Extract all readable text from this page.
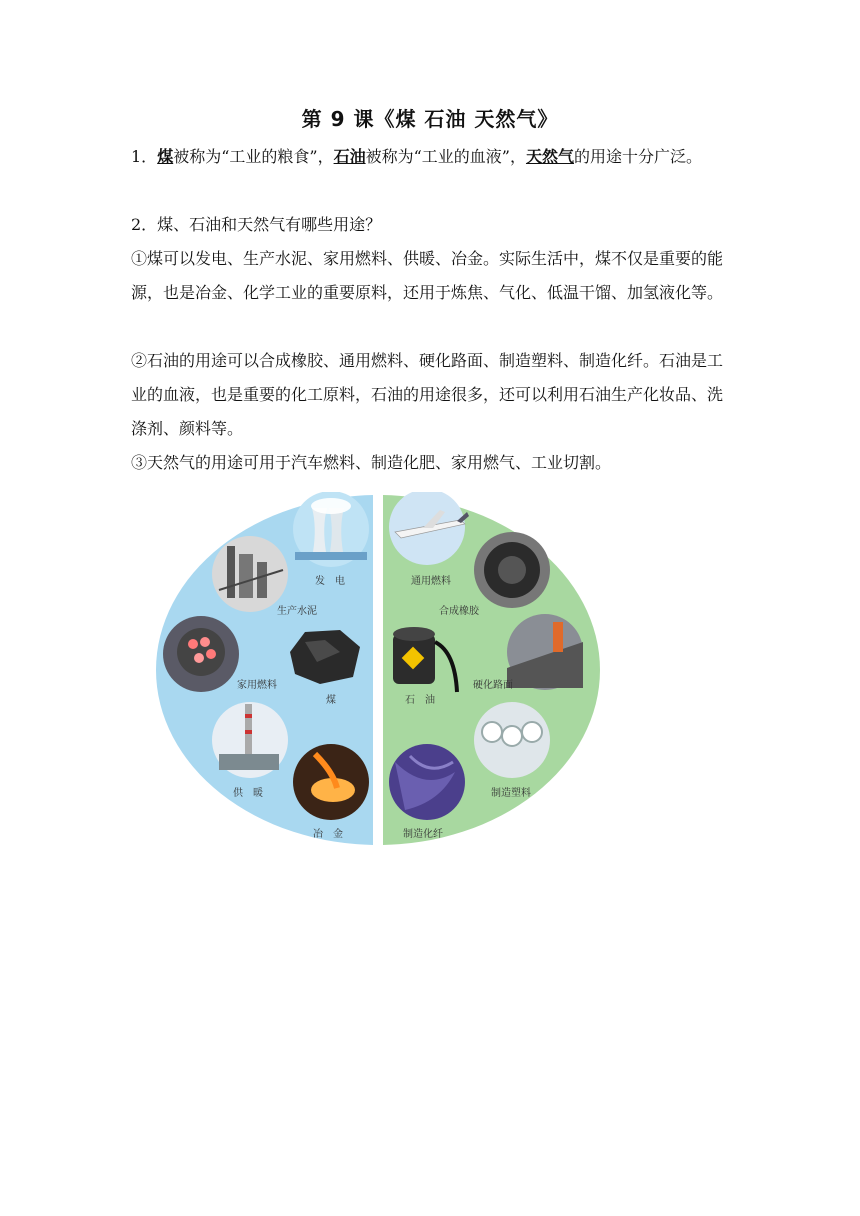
第 9 课《煤 石油 天然气》
1．煤被称为“工业的粮食”，石油被称为“工业的血液”，天然气的用途十分广泛。
2．煤、石油和天然气有哪些用途？
①煤可以发电、生产水泥、家用燃料、供暖、冶金。实际生活中，煤不仅是重要的能源，也是冶金、化学工业的重要原料，还用于炼焦、气化、低温干馏、加氢液化等。
②石油的用途可以合成橡胶、通用燃料、硬化路面、制造塑料、制造化纤。石油是工业的血液，也是重要的化工原料，石油的用途很多，还可以利用石油生产化妆品、洗涤剂、颜料等。
③天然气的用途可用于汽车燃料、制造化肥、家用燃气、工业切割。
发　电
生产水泥
家用燃料
煤
供　暖
冶　金
通用燃料
合成橡胶
石　油
硬化路面
制造塑料
制造化纤
